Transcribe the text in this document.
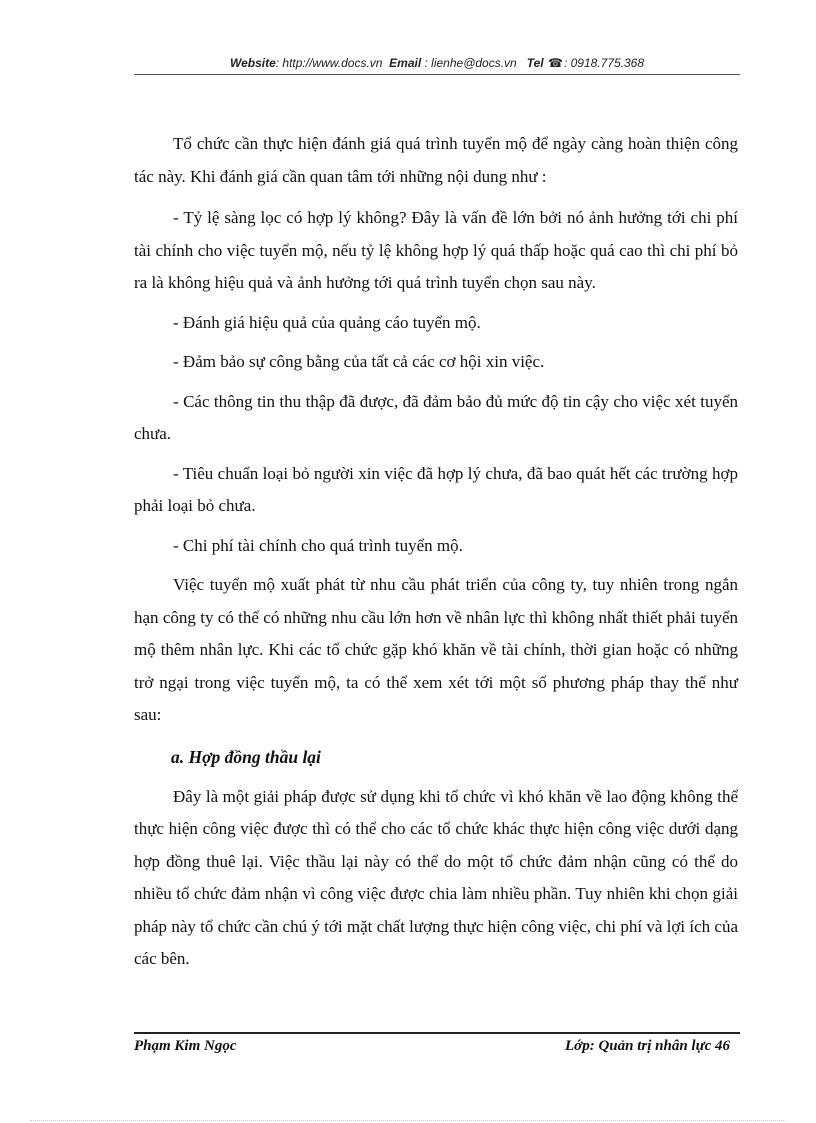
Website: http://www.docs.vn Email : lienhe@docs.vn Tel ☎: 0918.775.368

Tổ chức cần thực hiện đánh giá quá trình tuyển mộ để ngày càng hoàn thiện công tác này. Khi đánh giá cần quan tâm tới những nội dung như :

- Tỷ lệ sàng lọc có hợp lý không? Đây là vấn đề lớn bởi nó ảnh hưởng tới chi phí tài chính cho việc tuyển mộ, nếu tỷ lệ không hợp lý quá thấp hoặc quá cao thì chi phí bỏ ra là không hiệu quả và ảnh hưởng tới quá trình tuyển chọn sau này.

- Đánh giá hiệu quả của quảng cáo tuyển mộ.

- Đảm bảo sự công bằng của tất cả các cơ hội xin việc.

- Các thông tin thu thập đã được, đã đảm bảo đủ mức độ tin cậy cho việc xét tuyển chưa.

- Tiêu chuẩn loại bỏ người xin việc đã hợp lý chưa, đã bao quát hết các trường hợp phải loại bỏ chưa.

- Chi phí tài chính cho quá trình tuyển mộ.

Việc tuyển mộ xuất phát từ nhu cầu phát triển của công ty, tuy nhiên trong ngắn hạn công ty có thể có những nhu cầu lớn hơn về nhân lực thì không nhất thiết phải tuyển mộ thêm nhân lực. Khi các tổ chức gặp khó khăn về tài chính, thời gian hoặc có những trở ngại trong việc tuyển mộ, ta có thể xem xét tới một số phương pháp thay thế như sau:

a. Hợp đồng thầu lại

Đây là một giải pháp được sử dụng khi tổ chức vì khó khăn về lao động không thể thực hiện công việc được thì có thể cho các tổ chức khác thực hiện công việc dưới dạng hợp đồng thuê lại. Việc thầu lại này có thể do một tổ chức đảm nhận cũng có thể do nhiều tổ chức đảm nhận vì công việc được chia làm nhiều phần. Tuy nhiên khi chọn giải pháp này tổ chức cần chú ý tới mặt chất lượng thực hiện công việc, chi phí và lợi ích của các bên.

Phạm Kim Ngọc	Lớp: Quản trị nhân lực 46
